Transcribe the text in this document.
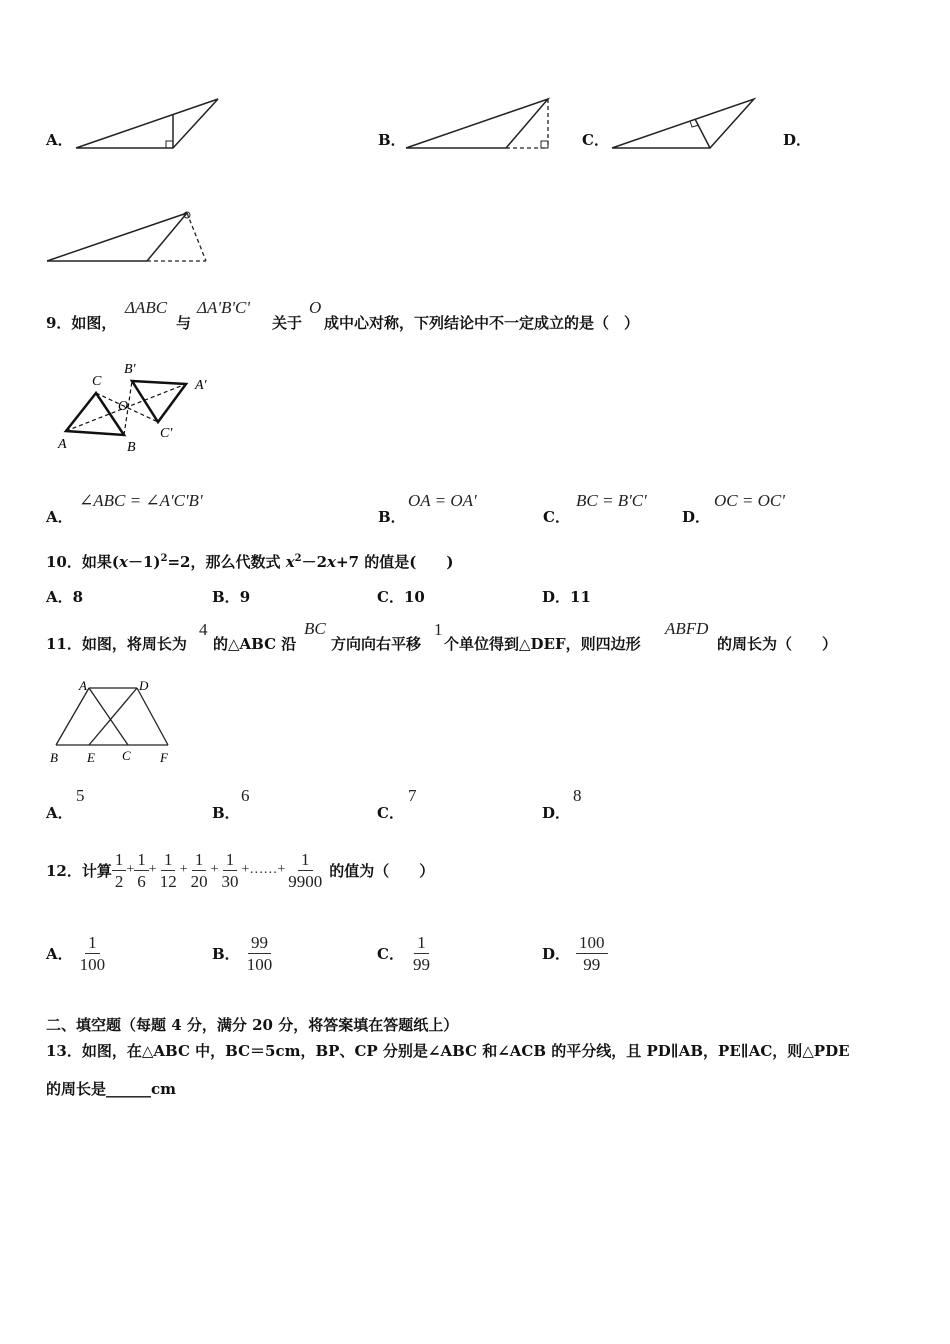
A．	B．	C．	D．
9．如图，
ΔABC
与
ΔA'B'C'
关于
O
成中心对称，下列结论中不一定成立的是（　）
B'
A'
C
O
C'
A	B
A．
∠ABC = ∠A'C'B'
B．
OA = OA'
C．
BC = B'C'
D．
OC = OC'
10．如果$(x-1)^2=2$，那么代数式 $x^2-2x+7$ 的值是(　　)
A．8	B．9	C．10	D．11
11．如图，将周长为
4
的△ABC 沿
BC
方向向右平移
1
个单位得到△DEF，则四边形
ABFD
的周长为（　　）
A	D
B E C F
A．
5
B．
6
C．
7
D．
8
12．计算 $\frac{1}{2} + \frac{1}{6} + \frac{1}{12} + \frac{1}{20} + \frac{1}{30}$ +……+ $\frac{1}{9900}$ 的值为（　　）
A． $\frac{1}{100}$	B． $\frac{99}{100}$	C． $\frac{1}{99}$	D． $\frac{100}{99}$
二、填空题（每题 4 分，满分 20 分，将答案填在答题纸上）
13．如图，在△ABC 中，BC＝5cm，BP、CP 分别是∠ABC 和∠ACB 的平分线，且 PD∥AB，PE∥AC，则△PDE
的周长是______cm
